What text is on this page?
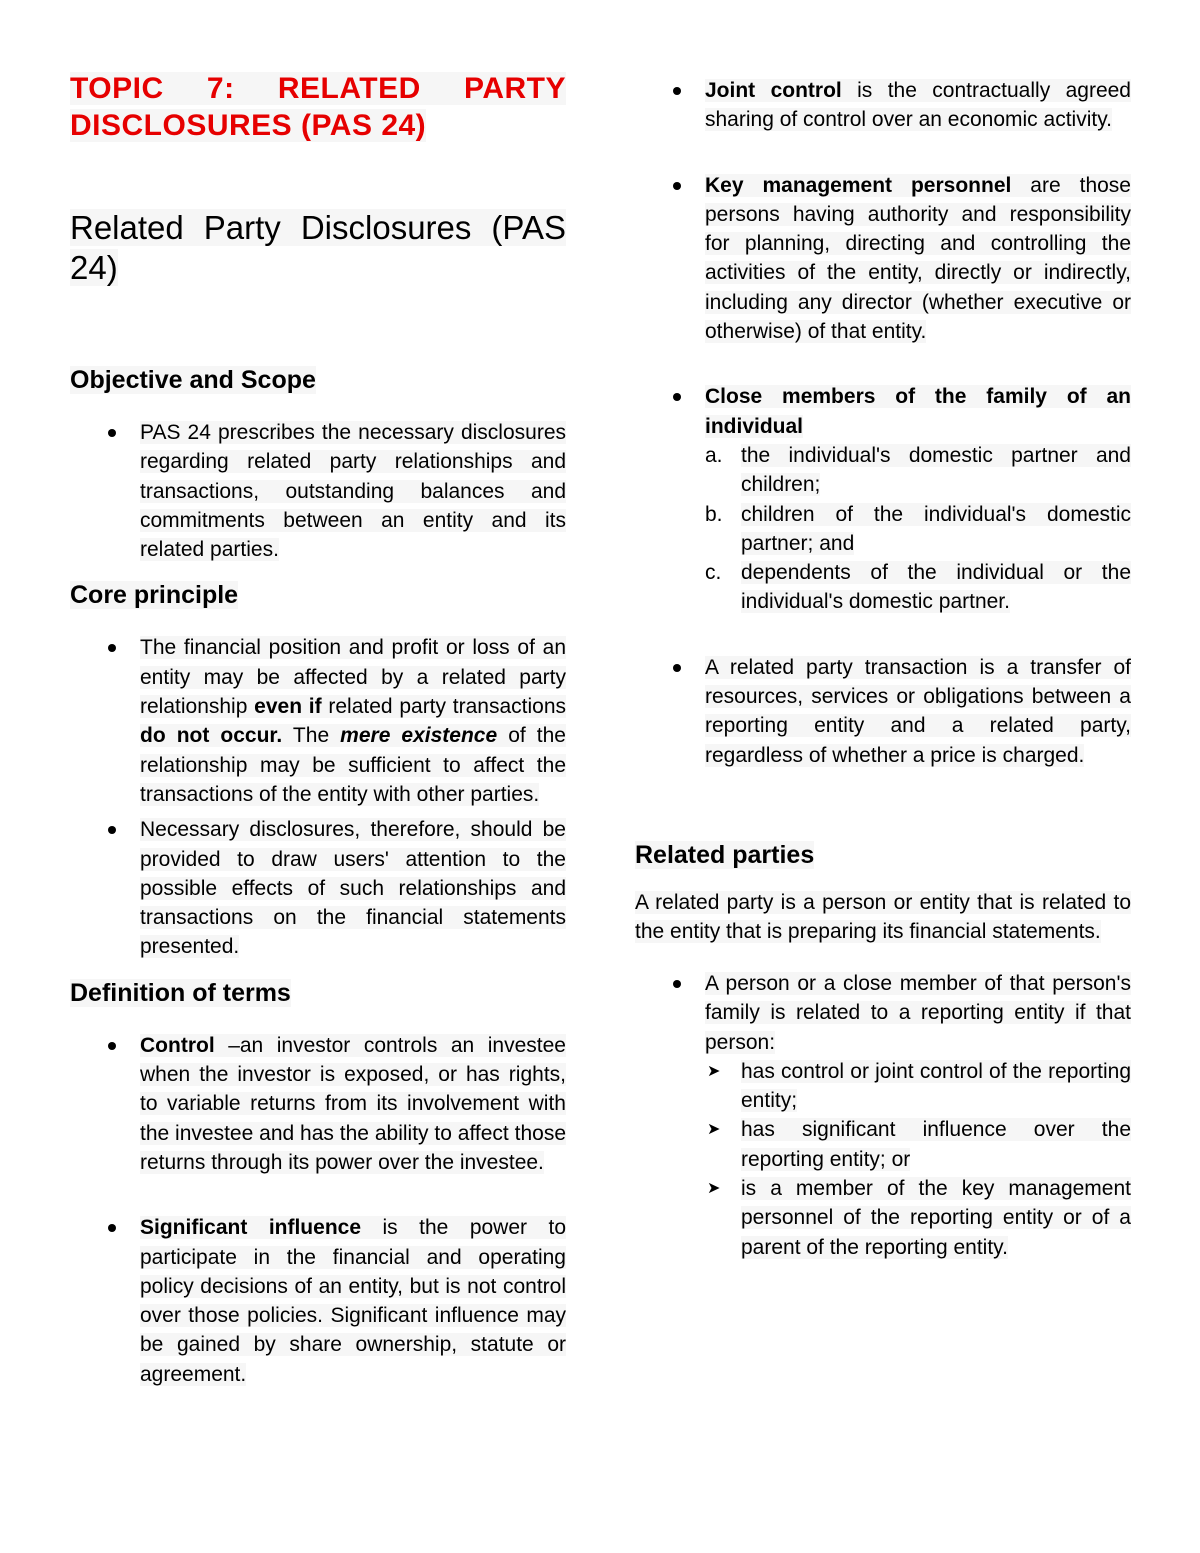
TOPIC 7: RELATED PARTY DISCLOSURES (PAS 24)
Related Party Disclosures (PAS 24)
Objective and Scope
PAS 24 prescribes the necessary disclosures regarding related party relationships and transactions, outstanding balances and commitments between an entity and its related parties.
Core principle
The financial position and profit or loss of an entity may be affected by a related party relationship even if related party transactions do not occur. The mere existence of the relationship may be sufficient to affect the transactions of the entity with other parties.
Necessary disclosures, therefore, should be provided to draw users' attention to the possible effects of such relationships and transactions on the financial statements presented.
Definition of terms
Control –an investor controls an investee when the investor is exposed, or has rights, to variable returns from its involvement with the investee and has the ability to affect those returns through its power over the investee.
Significant influence is the power to participate in the financial and operating policy decisions of an entity, but is not control over those policies. Significant influence may be gained by share ownership, statute or agreement.
Joint control is the contractually agreed sharing of control over an economic activity.
Key management personnel are those persons having authority and responsibility for planning, directing and controlling the activities of the entity, directly or indirectly, including any director (whether executive or otherwise) of that entity.

Close members of the family of an individual

a. the individual's domestic partner and children;
b. children of the individual's domestic partner; and
c. dependents of the individual or the individual's domestic partner.
A related party transaction is a transfer of resources, services or obligations between a reporting entity and a related party, regardless of whether a price is charged.
Related parties

A related party is a person or entity that is related to the entity that is preparing its financial statements.

A person or a close member of that person's family is related to a reporting entity if that person:

➤ has control or joint control of the reporting entity;
➤ has significant influence over the reporting entity; or
➤ is a member of the key management personnel of the reporting entity or of a parent of the reporting entity.
